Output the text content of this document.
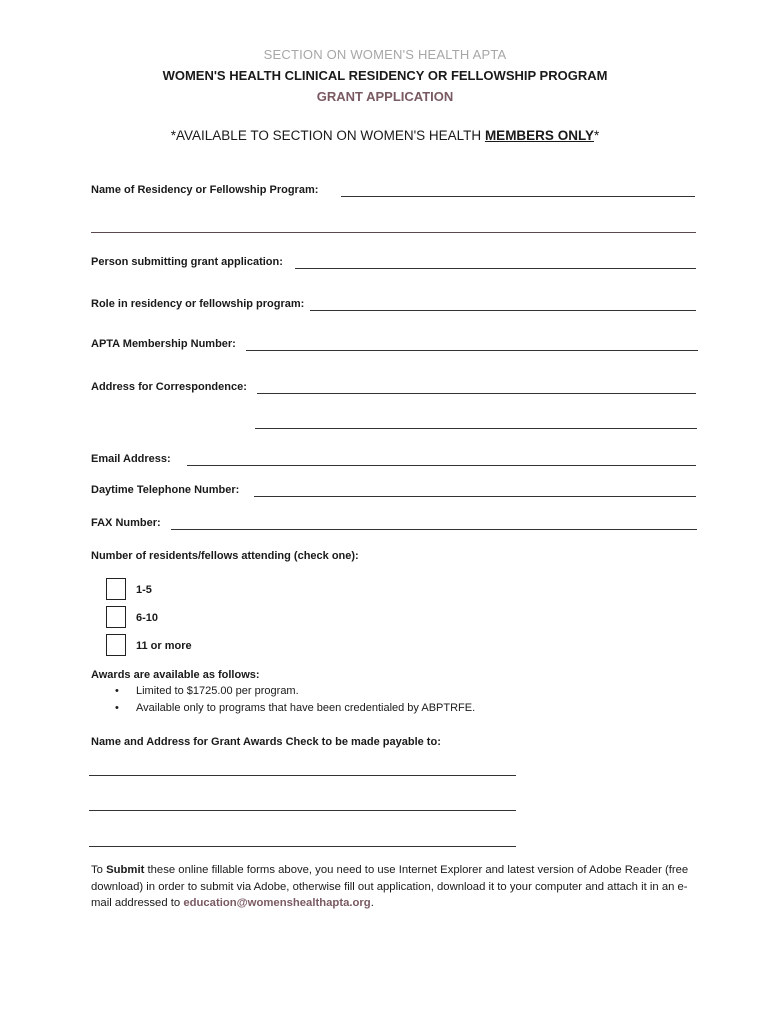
SECTION ON WOMEN'S HEALTH APTA
WOMEN'S HEALTH CLINICAL RESIDENCY OR FELLOWSHIP PROGRAM
GRANT APPLICATION
*AVAILABLE TO SECTION ON WOMEN'S HEALTH MEMBERS ONLY*
Name of Residency or Fellowship Program:
Person submitting grant application:
Role in residency or fellowship program:
APTA Membership Number:
Address for Correspondence:
Email Address:
Daytime Telephone Number:
FAX Number:
Number of residents/fellows attending (check one):
1-5
6-10
11 or more
Awards are available as follows:
• Limited to $1725.00 per program.
• Available only to programs that have been credentialed by ABPTRFE.
Name and Address for Grant Awards Check to be made payable to:
To Submit these online fillable forms above, you need to use Internet Explorer and latest version of Adobe Reader (free download) in order to submit via Adobe, otherwise fill out application, download it to your computer and attach it in an e-mail addressed to education@womenshealthapta.org.
